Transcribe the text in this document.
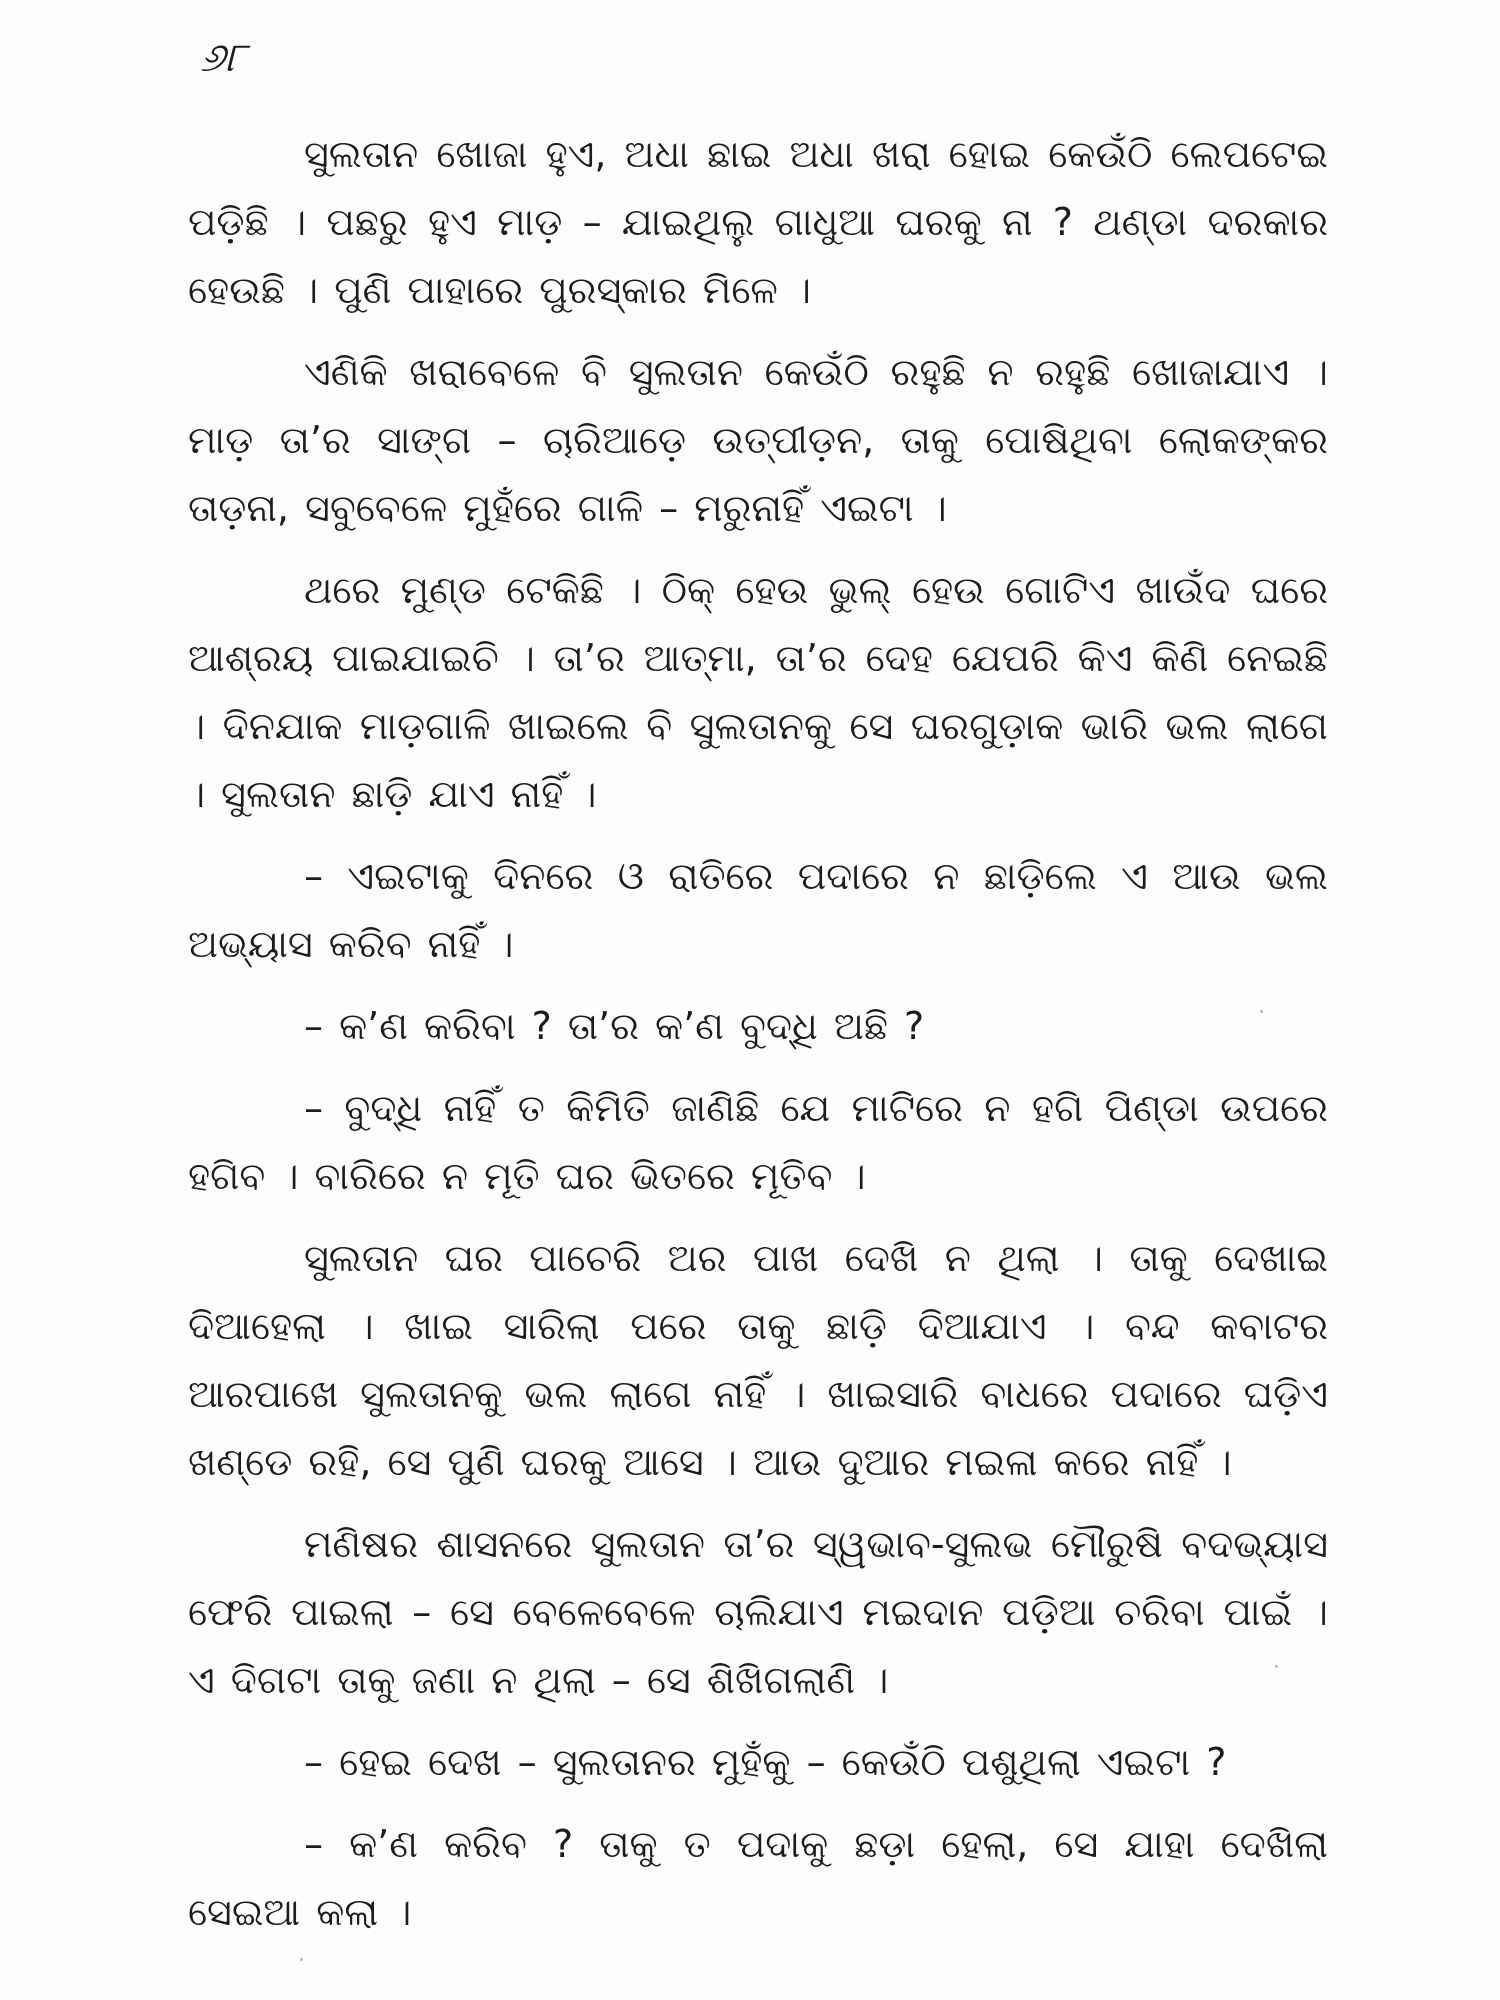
୬୮

ସୁଲତାନ ଖୋଜା ହୁଏ, ଅଧା ଛାଇ ଅଧା ଖରା ହୋଇ କେଉଁଠି ଲେପଟେଇ ପଡ଼ିଛି । ପଛରୁ ହୁଏ ମାଡ଼ – ଯାଇଥିଲୁ ଗାଧୁଆ ଘରକୁ ନା ? ଥଣ୍ଡା ଦରକାର ହେଉଛି । ପୁଣି ପାହାରେ ପୁରସ୍କାର ମିଳେ ।

ଏଣିକି ଖରାବେଳେ ବି ସୁଲତାନ କେଉଁଠି ରହୁଛି ନ ରହୁଛି ଖୋଜାଯାଏ । ମାଡ଼ ତା’ର ସାଙ୍ଗ – ଚାରିଆଡ଼େ ଉତ୍ପୀଡ଼ନ, ତାକୁ ପୋଷିଥିବା ଲୋକଙ୍କର ତାଡ଼ନା, ସବୁବେଳେ ମୁହଁରେ ଗାଳି – ମରୁନାହିଁ ଏଇଟା ।

ଥରେ ମୁଣ୍ଡ ଟେକିଛି । ଠିକ୍ ହେଉ ଭୁଲ୍ ହେଉ ଗୋଟିଏ ଖାଉଁଦ ଘରେ ଆଶ୍ରୟ ପାଇଯାଇଚି । ତା’ର ଆତ୍ମା, ତା’ର ଦେହ ଯେପରି କିଏ କିଣି ନେଇଛି । ଦିନଯାକ ମାଡ଼ଗାଳି ଖାଇଲେ ବି ସୁଲତାନକୁ ସେ ଘରଗୁଡ଼ାକ ଭାରି ଭଲ ଲାଗେ । ସୁଲତାନ ଛାଡ଼ି ଯାଏ ନାହିଁ ।

– ଏଇଟାକୁ ଦିନରେ ଓ ରାତିରେ ପଦାରେ ନ ଛାଡ଼ିଲେ ଏ ଆଉ ଭଲ ଅଭ୍ୟାସ କରିବ ନାହିଁ ।

– କ’ଣ କରିବା ? ତା’ର କ’ଣ ବୁଦ୍ଧି ଅଛି ?

– ବୁଦ୍ଧି ନାହିଁ ତ କିମିତି ଜାଣିଛି ଯେ ମାଟିରେ ନ ହଗି ପିଣ୍ଡା ଉପରେ ହଗିବ । ବାରିରେ ନ ମୂତି ଘର ଭିତରେ ମୂତିବ ।

ସୁଲତାନ ଘର ପାଚେରି ଅର ପାଖ ଦେଖି ନ ଥିଲା । ତାକୁ ଦେଖାଇ ଦିଆହେଲା । ଖାଇ ସାରିଲା ପରେ ତାକୁ ଛାଡ଼ି ଦିଆଯାଏ । ବନ୍ଦ କବାଟର ଆରପାଖେ ସୁଲତାନକୁ ଭଲ ଲାଗେ ନାହିଁ । ଖାଇସାରି ବାଧରେ ପଦାରେ ଘଡ଼ିଏ ଖଣ୍ଡେ ରହି, ସେ ପୁଣି ଘରକୁ ଆସେ । ଆଉ ଦୁଆର ମଇଳା କରେ ନାହିଁ ।

ମଣିଷର ଶାସନରେ ସୁଲତାନ ତା’ର ସ୍ୱଭାବ-ସୁଲଭ ମୌରୁଷି ବଦଭ୍ୟାସ ଫେରି ପାଇଲା – ସେ ବେଳେବେଳେ ଚାଲିଯାଏ ମଇଦାନ ପଡ଼ିଆ ଚରିବା ପାଇଁ । ଏ ଦିଗଟା ତାକୁ ଜଣା ନ ଥିଲା – ସେ ଶିଖିଗଲାଣି ।

– ହେଇ ଦେଖ – ସୁଲତାନର ମୁହଁକୁ – କେଉଁଠି ପଶୁଥିଲା ଏଇଟା ?

– କ’ଣ କରିବ ? ତାକୁ ତ ପଦାକୁ ଛଡ଼ା ହେଲା, ସେ ଯାହା ଦେଖିଲା ସେଇଆ କଲା ।
